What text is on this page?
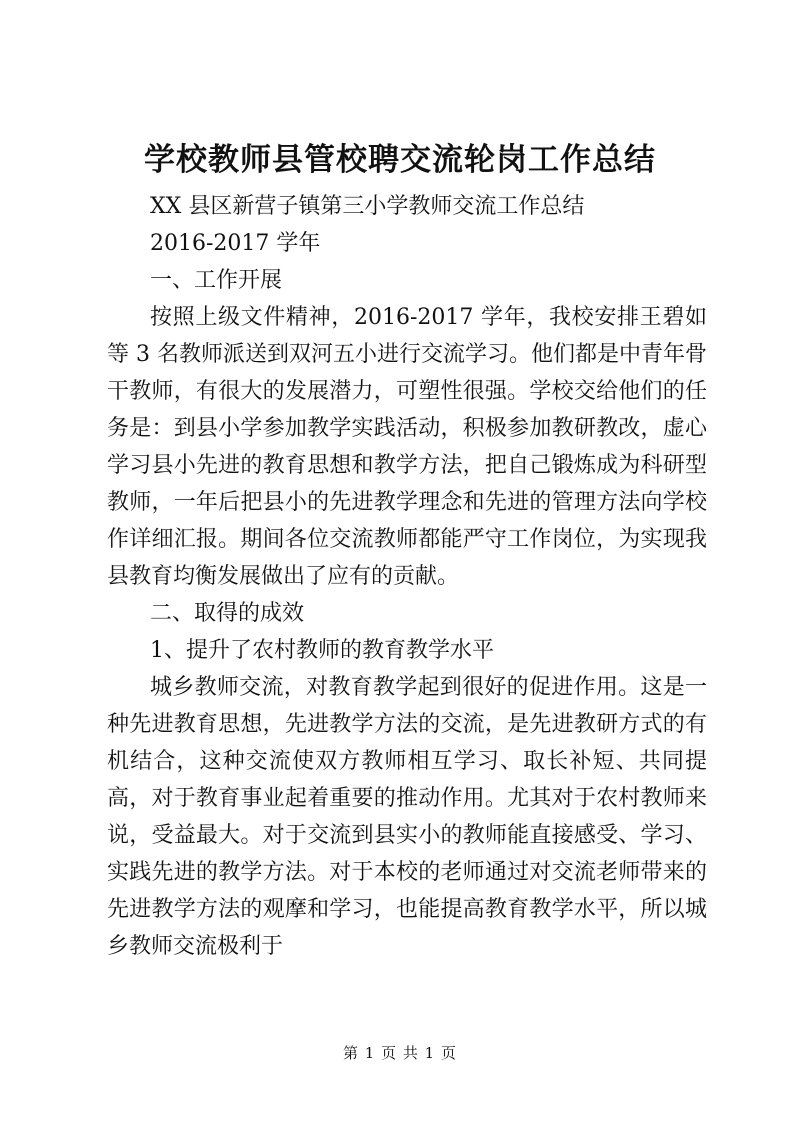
学校教师县管校聘交流轮岗工作总结

XX 县区新营子镇第三小学教师交流工作总结

2016-2017 学年

一、工作开展

按照上级文件精神，2016-2017 学年，我校安排王碧如等 3 名教师派送到双河五小进行交流学习。他们都是中青年骨干教师，有很大的发展潜力，可塑性很强。学校交给他们的任务是：到县小学参加教学实践活动，积极参加教研教改，虚心学习县小先进的教育思想和教学方法，把自己锻炼成为科研型教师，一年后把县小的先进教学理念和先进的管理方法向学校作详细汇报。期间各位交流教师都能严守工作岗位，为实现我县教育均衡发展做出了应有的贡献。

二、取得的成效

1、提升了农村教师的教育教学水平

城乡教师交流，对教育教学起到很好的促进作用。这是一种先进教育思想，先进教学方法的交流，是先进教研方式的有机结合，这种交流使双方教师相互学习、取长补短、共同提高，对于教育事业起着重要的推动作用。尤其对于农村教师来说，受益最大。对于交流到县实小的教师能直接感受、学习、实践先进的教学方法。对于本校的老师通过对交流老师带来的先进教学方法的观摩和学习，也能提高教育教学水平，所以城乡教师交流极利于

第 1 页 共 1 页
